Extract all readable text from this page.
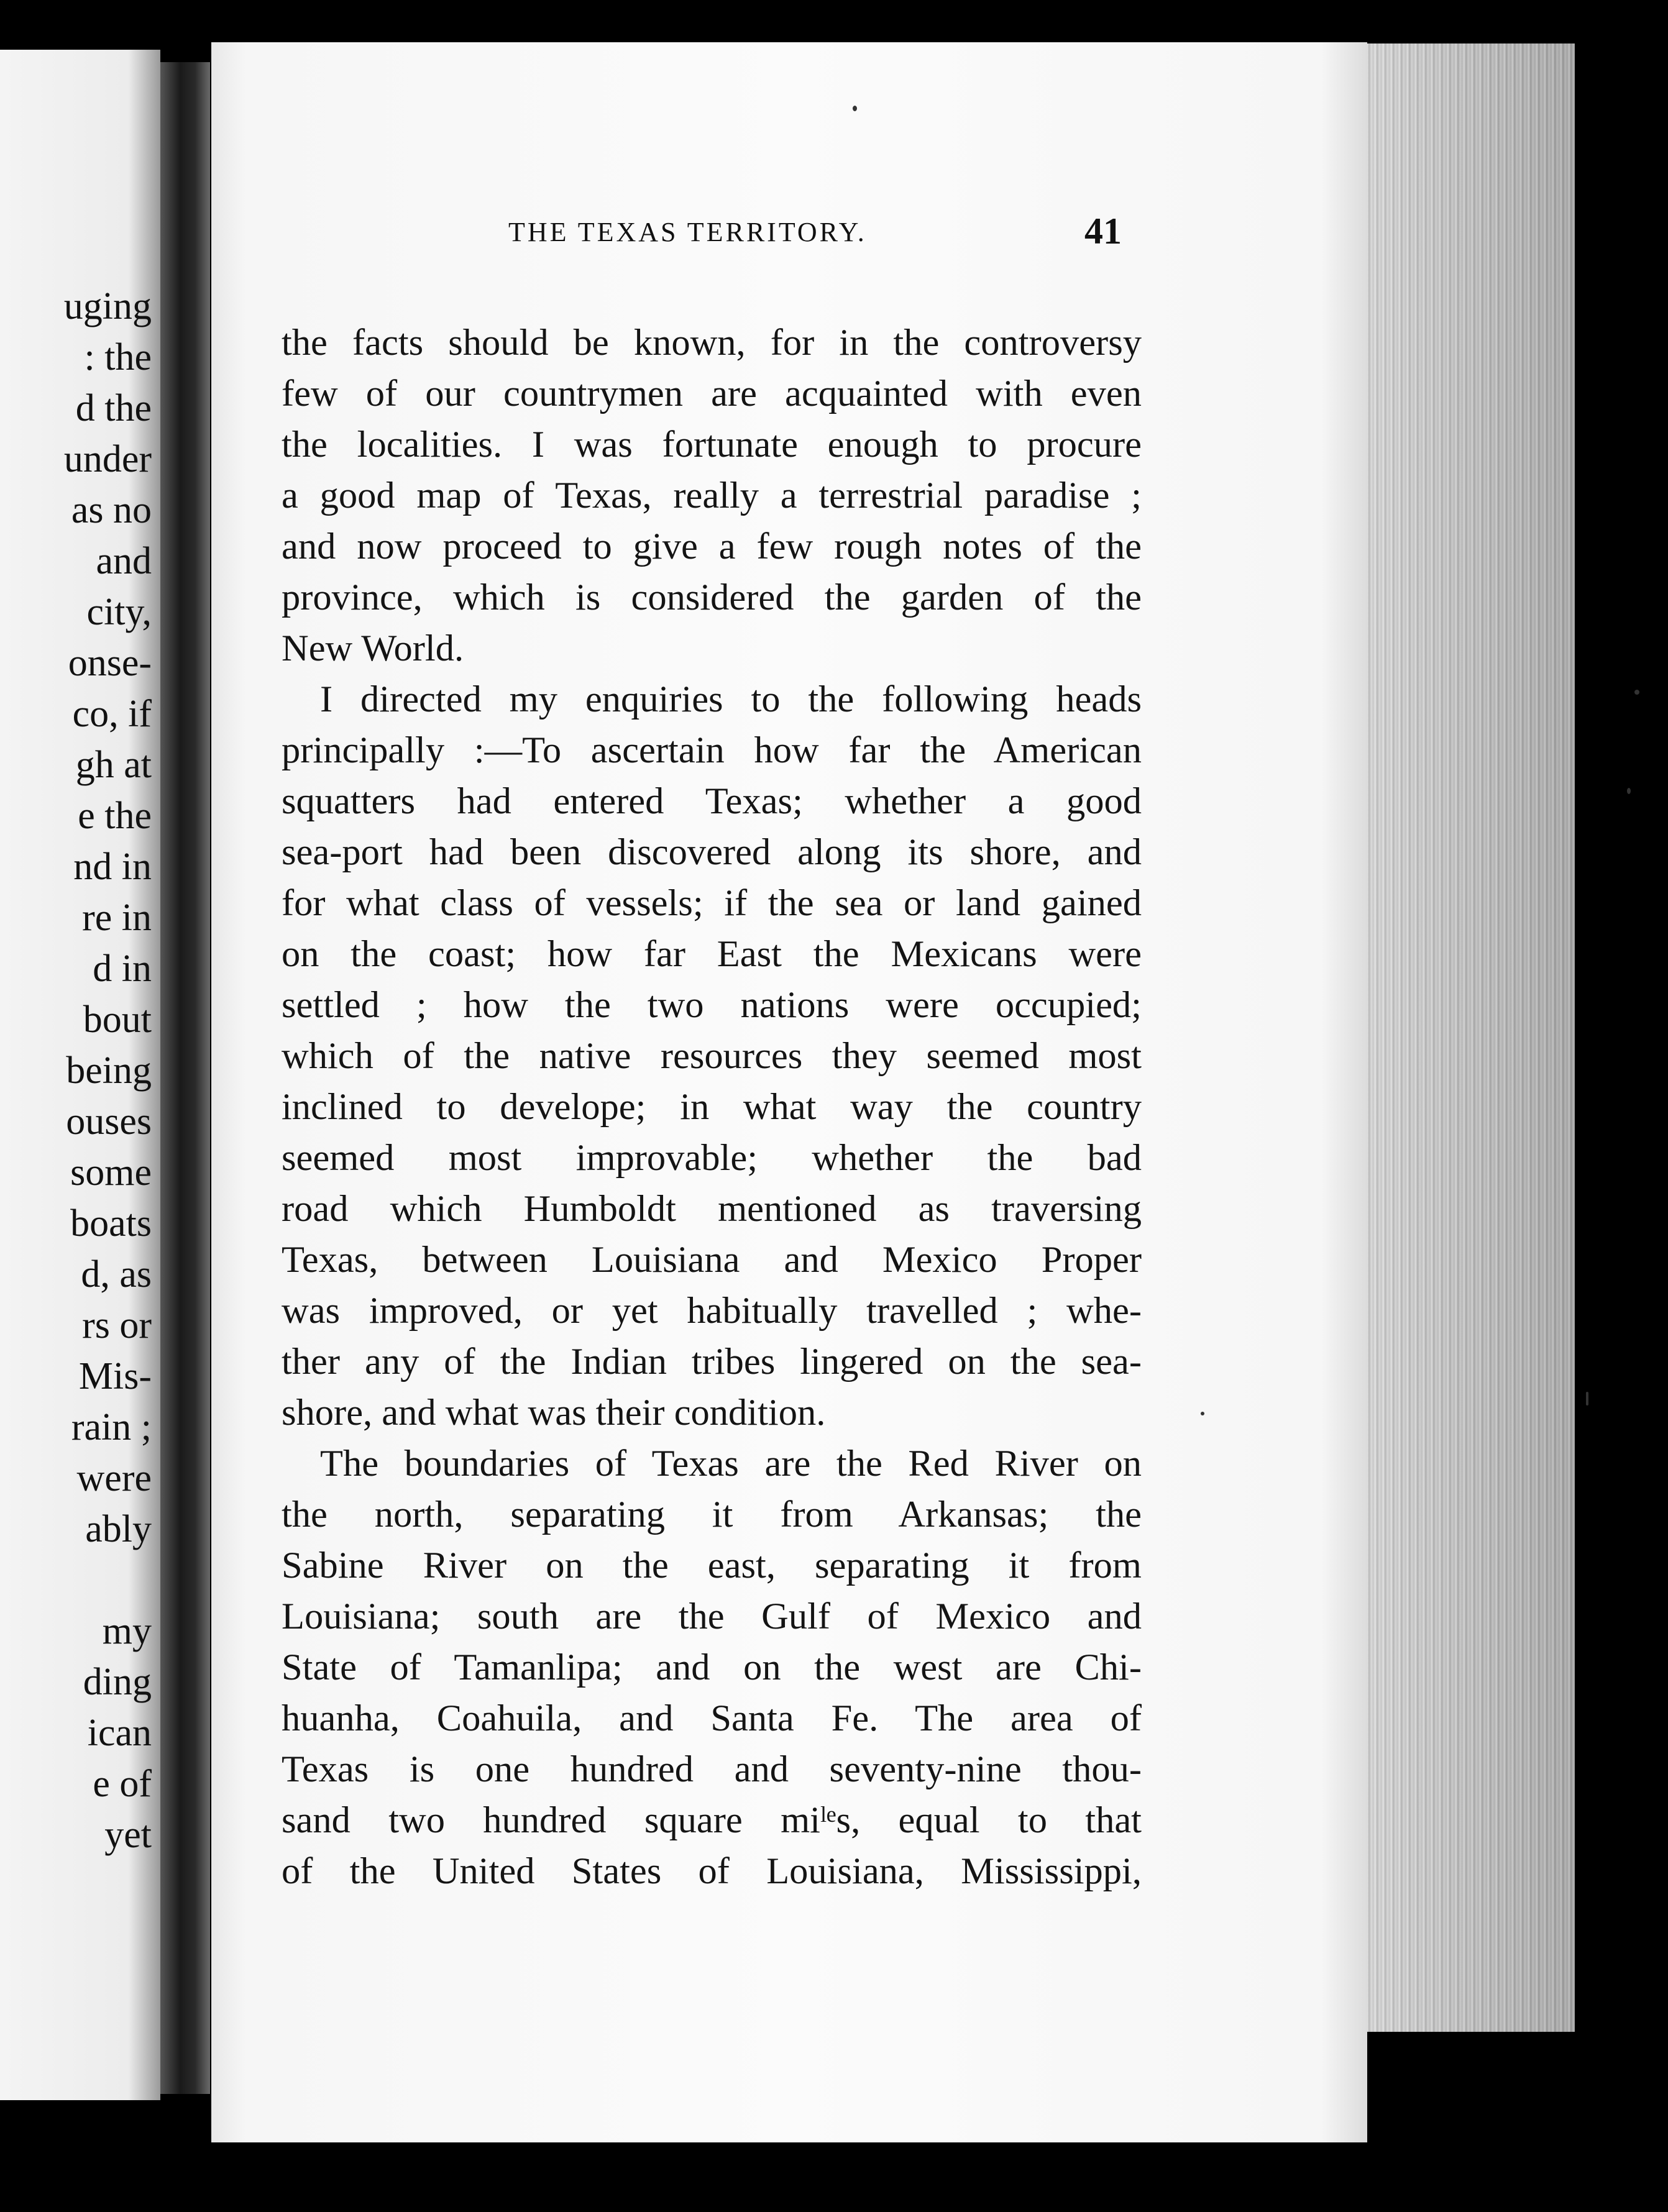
uging
: the
d the
under
as no
and
city,
onse-
co, if
gh at
e the
nd in
re in
d in
bout
being
ouses
some
boats
d, as
rs or
Mis-
rain ;
were
ably
my
ding
ican
e of
yet
THE TEXAS TERRITORY.	41
the facts should be known, for in the controversy
few of our countrymen are acquainted with even
the localities. I was fortunate enough to procure
a good map of Texas, really a terrestrial paradise ;
and now proceed to give a few rough notes of the
province, which is considered the garden of the
New World.
I directed my enquiries to the following heads
principally :—To ascertain how far the American
squatters had entered Texas; whether a good
sea-port had been discovered along its shore, and
for what class of vessels; if the sea or land gained
on the coast; how far East the Mexicans were
settled ; how the two nations were occupied;
which of the native resources they seemed most
inclined to develope; in what way the country
seemed most improvable; whether the bad
road which Humboldt mentioned as traversing
Texas, between Louisiana and Mexico Proper
was improved, or yet habitually travelled ; whe-
ther any of the Indian tribes lingered on the sea-
shore, and what was their condition.
The boundaries of Texas are the Red River on
the north, separating it from Arkansas; the
Sabine River on the east, separating it from
Louisiana; south are the Gulf of Mexico and
State of Tamanlipa; and on the west are Chi-
huanha, Coahuila, and Santa Fe. The area of
Texas is one hundred and seventy-nine thou-
sand two hundred square miˡᵉs, equal to that
of the United States of Louisiana, Mississippi,
